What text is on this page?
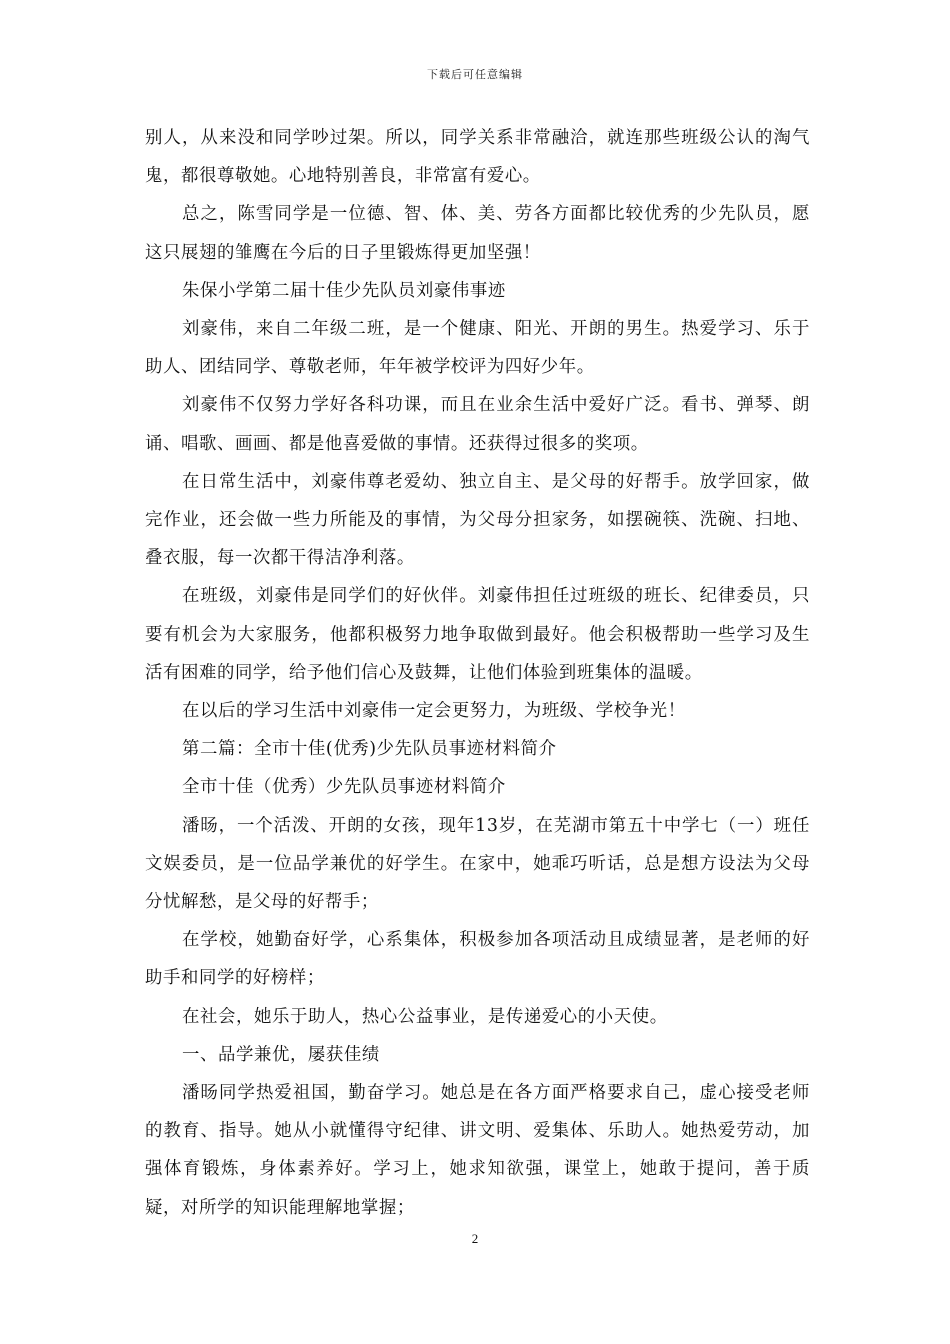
下载后可任意编辑

别人，从来没和同学吵过架。所以，同学关系非常融洽，就连那些班级公认的淘气鬼，都很尊敬她。心地特别善良，非常富有爱心。

总之，陈雪同学是一位德、智、体、美、劳各方面都比较优秀的少先队员，愿这只展翅的雏鹰在今后的日子里锻炼得更加坚强！

朱保小学第二届十佳少先队员刘豪伟事迹

刘豪伟，来自二年级二班，是一个健康、阳光、开朗的男生。热爱学习、乐于助人、团结同学、尊敬老师，年年被学校评为四好少年。

刘豪伟不仅努力学好各科功课，而且在业余生活中爱好广泛。看书、弹琴、朗诵、唱歌、画画、都是他喜爱做的事情。还获得过很多的奖项。

在日常生活中，刘豪伟尊老爱幼、独立自主、是父母的好帮手。放学回家，做完作业，还会做一些力所能及的事情，为父母分担家务，如摆碗筷、洗碗、扫地、叠衣服，每一次都干得洁净利落。

在班级，刘豪伟是同学们的好伙伴。刘豪伟担任过班级的班长、纪律委员，只要有机会为大家服务，他都积极努力地争取做到最好。他会积极帮助一些学习及生活有困难的同学，给予他们信心及鼓舞，让他们体验到班集体的温暖。

在以后的学习生活中刘豪伟一定会更努力，为班级、学校争光！

第二篇：全市十佳(优秀)少先队员事迹材料简介

全市十佳（优秀）少先队员事迹材料简介

潘旸，一个活泼、开朗的女孩，现年13岁，在芜湖市第五十中学七（一）班任文娱委员，是一位品学兼优的好学生。在家中，她乖巧听话，总是想方设法为父母分忧解愁，是父母的好帮手；

在学校，她勤奋好学，心系集体，积极参加各项活动且成绩显著，是老师的好助手和同学的好榜样；

在社会，她乐于助人，热心公益事业，是传递爱心的小天使。

一、品学兼优，屡获佳绩

潘旸同学热爱祖国，勤奋学习。她总是在各方面严格要求自己，虚心接受老师的教育、指导。她从小就懂得守纪律、讲文明、爱集体、乐助人。她热爱劳动，加强体育锻炼，身体素养好。学习上，她求知欲强，课堂上，她敢于提问，善于质疑，对所学的知识能理解地掌握；

2
